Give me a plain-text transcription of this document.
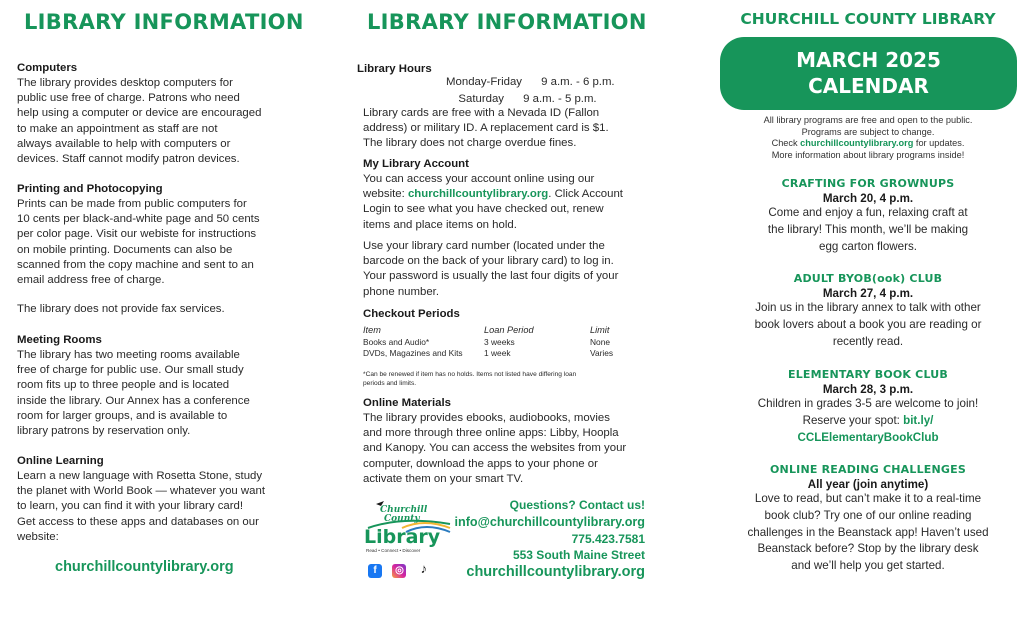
LIBRARY INFORMATION
Computers
The library provides desktop computers for
public use free of charge. Patrons who need
help using a computer or device are encouraged
to make an appointment as staff are not
always available to help with computers or
devices. Staff cannot modify patron devices.
Printing and Photocopying
Prints can be made from public computers for
10 cents per black-and-white page and 50 cents
per color page. Visit our webiste for instructions
on mobile printing. Documents can also be
scanned from the copy machine and sent to an
email address free of charge.
The library does not provide fax services.
Meeting Rooms
The library has two meeting rooms available
free of charge for public use. Our small study
room fits up to three people and is located
inside the library. Our Annex has a conference
room for larger groups, and is available to
library patrons by reservation only.
Online Learning
Learn a new language with Rosetta Stone, study
the planet with World Book — whatever you want
to learn, you can find it with your library card!
Get access to these apps and databases on our
website:
churchillcountylibrary.org
LIBRARY INFORMATION
Library Hours
Monday-Friday 9 a.m. - 6 p.m.
Saturday 9 a.m. - 5 p.m.
Library cards are free with a Nevada ID (Fallon
address) or military ID. A replacement card is $1.
The library does not charge overdue fines.
My Library Account
You can access your account online using our
website: churchillcountylibrary.org. Click Account
Login to see what you have checked out, renew
items and place items on hold.
Use your library card number (located under the
barcode on the back of your library card) to log in.
Your password is usually the last four digits of your
phone number.
Checkout Periods
Item	Loan Period	Limit
Books and Audio*	3 weeks	None
DVDs, Magazines and Kits	1 week	Varies
*Can be renewed if item has no holds. Items not listed have differing loan
periods and limits.
Online Materials
The library provides ebooks, audiobooks, movies
and more through three online apps: Libby, Hoopla
and Kanopy. You can access the websites from your
computer, download the apps to your phone or
activate them on your smart TV.
Churchill
County
Library
Read • Connect • Discover
f ◎ ♪
Questions? Contact us!
info@churchillcountylibrary.org
775.423.7581
553 South Maine Street
churchillcountylibrary.org
CHURCHILL COUNTY LIBRARY
MARCH 2025
CALENDAR
All library programs are free and open to the public.
Programs are subject to change.
Check churchillcountylibrary.org for updates.
More information about library programs inside!
CRAFTING FOR GROWNUPS
March 20, 4 p.m.
Come and enjoy a fun, relaxing craft at
the library! This month, we’ll be making
egg carton flowers.
ADULT BYOB(ook) CLUB
March 27, 4 p.m.
Join us in the library annex to talk with other
book lovers about a book you are reading or
recently read.
ELEMENTARY BOOK CLUB
March 28, 3 p.m.
Children in grades 3-5 are welcome to join!
Reserve your spot: bit.ly/
CCLElementaryBookClub
ONLINE READING CHALLENGES
All year (join anytime)
Love to read, but can’t make it to a real-time
book club? Try one of our online reading
challenges in the Beanstack app! Haven’t used
Beanstack before? Stop by the library desk
and we’ll help you get started.
